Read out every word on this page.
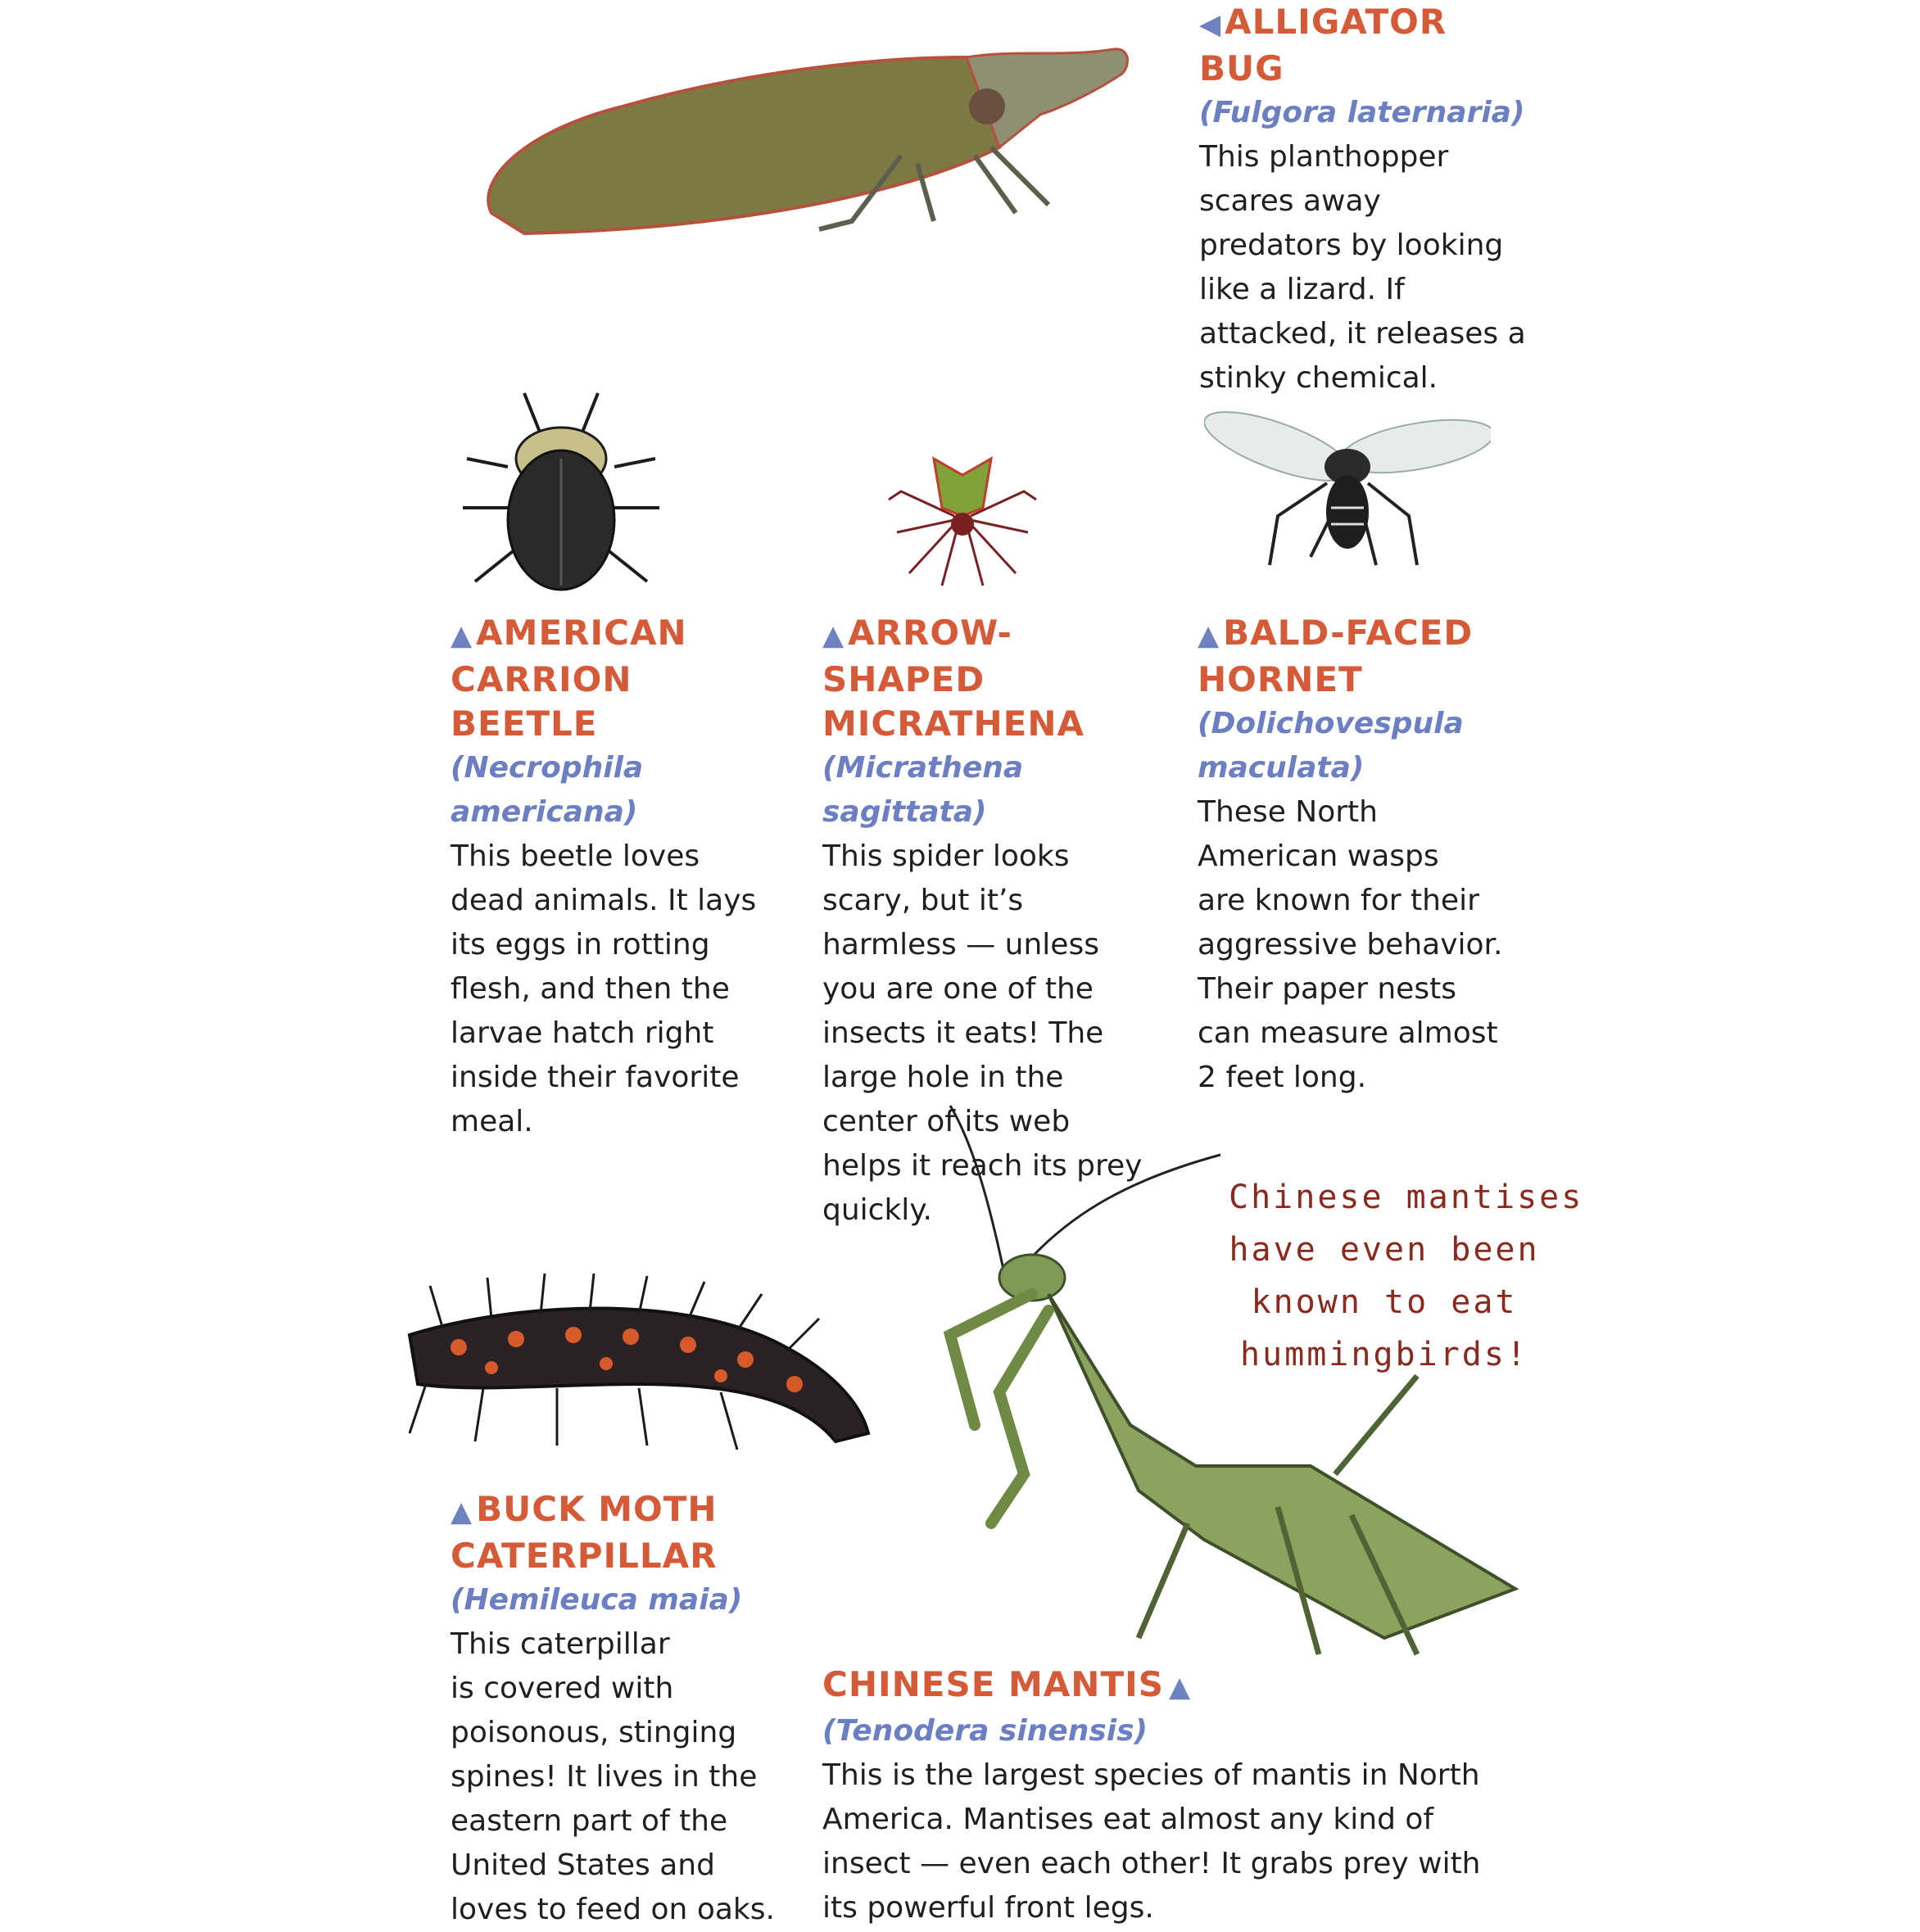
◀ALLIGATOR
BUG
(Fulgora laternaria)
This planthopper
scares away
predators by looking
like a lizard. If
attacked, it releases a
stinky chemical.
▲AMERICAN
CARRION
BEETLE
(Necrophila
americana)
This beetle loves
dead animals. It lays
its eggs in rotting
flesh, and then the
larvae hatch right
inside their favorite
meal.
▲ARROW-
SHAPED
MICRATHENA
(Micrathena
sagittata)
This spider looks
scary, but it’s
harmless — unless
you are one of the
insects it eats! The
large hole in the
center of its web
helps it reach its prey
quickly.
▲BALD-FACED
HORNET
(Dolichovespula
maculata)
These North
American wasps
are known for their
aggressive behavior.
Their paper nests
can measure almost
2 feet long.
▲BUCK MOTH
CATERPILLAR
(Hemileuca maia)
This caterpillar
is covered with
poisonous, stinging
spines! It lives in the
eastern part of the
United States and
loves to feed on oaks.
CHINESE MANTIS ▲
(Tenodera sinensis)
This is the largest species of mantis in North
America. Mantises eat almost any kind of
insect — even each other! It grabs prey with
its powerful front legs.
Chinese mantises
have even been
known to eat
hummingbirds!
